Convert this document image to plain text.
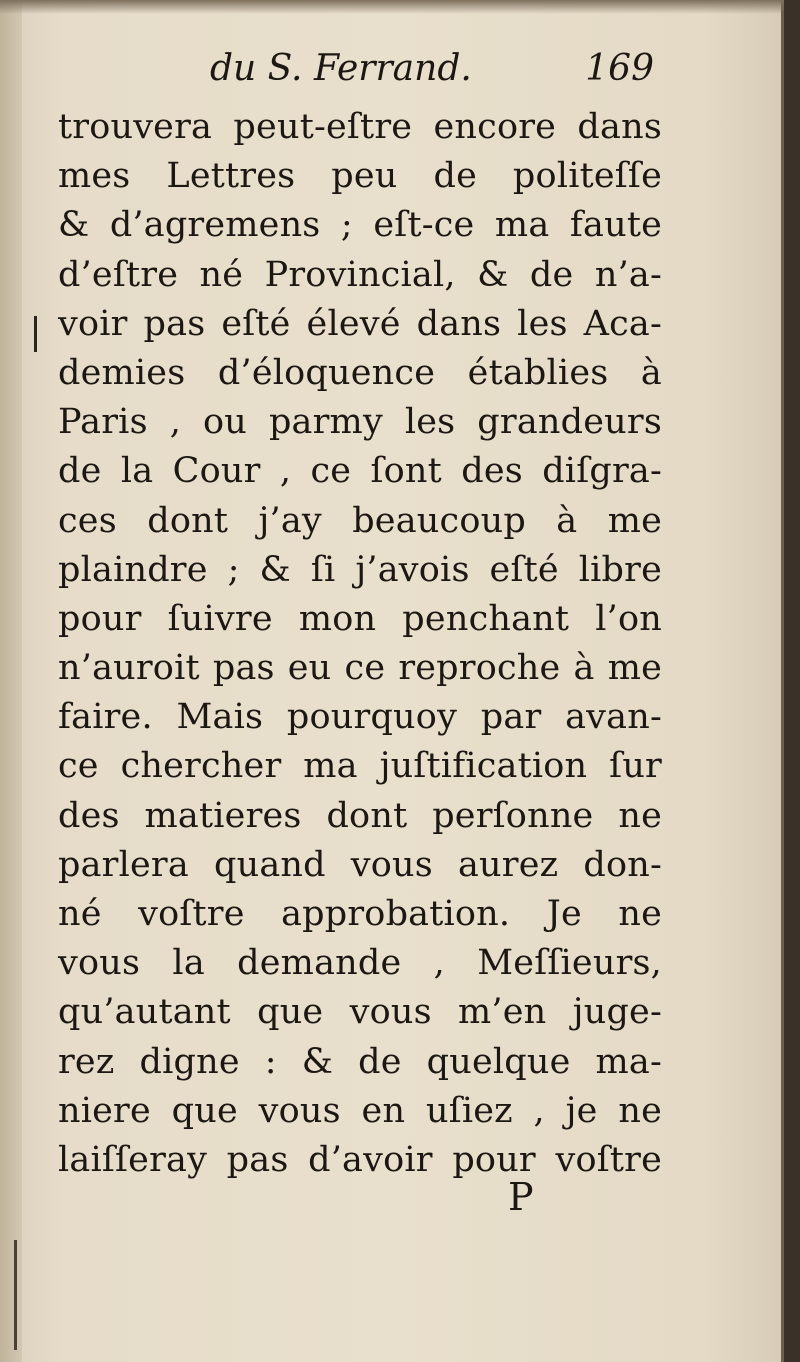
du S. Ferrand.	169
trouvera peut-eſtre encore dans
mes Lettres peu de politeſſe
& d’agremens ; eſt-ce ma faute
d’eſtre né Provincial, & de n’a-
voir pas eſté élevé dans les Aca-
demies d’éloquence établies à
Paris , ou parmy les grandeurs
de la Cour , ce ſont des diſgra-
ces dont j’ay beaucoup à me
plaindre ; & ſi j’avois eſté libre
pour ſuivre mon penchant l’on
n’auroit pas eu ce reproche à me
faire. Mais pourquoy par avan-
ce chercher ma juſtification ſur
des matieres dont perſonne ne
parlera quand vous aurez don-
né voſtre approbation. Je ne
vous la demande , Meſſieurs,
qu’autant que vous m’en juge-
rez digne : & de quelque ma-
niere que vous en uſiez , je ne
laiſſeray pas d’avoir pour voſtre
P
